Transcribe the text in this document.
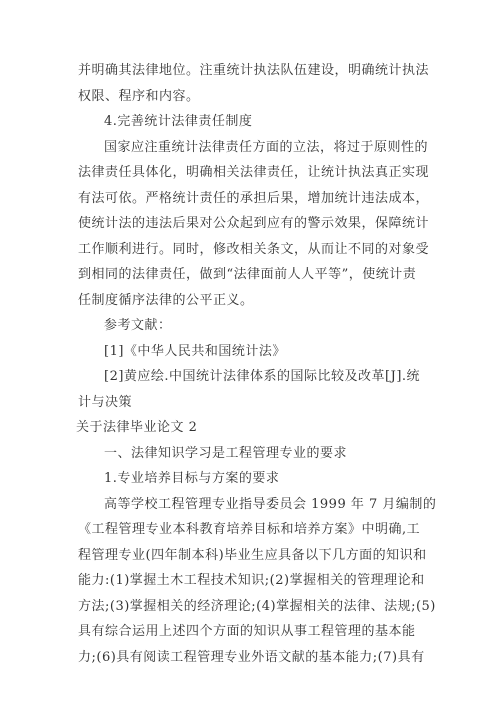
并明确其法律地位。注重统计执法队伍建设，明确统计执法
权限、程序和内容。
4.完善统计法律责任制度
国家应注重统计法律责任方面的立法，将过于原则性的
法律责任具体化，明确相关法律责任，让统计执法真正实现
有法可依。严格统计责任的承担后果，增加统计违法成本，
使统计法的违法后果对公众起到应有的警示效果，保障统计
工作顺利进行。同时，修改相关条文，从而让不同的对象受
到相同的法律责任，做到“法律面前人人平等”，使统计责
任制度循序法律的公平正义。
参考文献：
[1]《中华人民共和国统计法》
[2]黄应绘.中国统计法律体系的国际比较及改革[J].统
计与决策
关于法律毕业论文 2
一、法律知识学习是工程管理专业的要求
1.专业培养目标与方案的要求
高等学校工程管理专业指导委员会 1999 年 7 月编制的
《工程管理专业本科教育培养目标和培养方案》中明确,工
程管理专业(四年制本科)毕业生应具备以下几方面的知识和
能力:(1)掌握土木工程技术知识;(2)掌握相关的管理理论和
方法;(3)掌握相关的经济理论;(4)掌握相关的法律、法规;(5)
具有综合运用上述四个方面的知识从事工程管理的基本能
力;(6)具有阅读工程管理专业外语文献的基本能力;(7)具有
